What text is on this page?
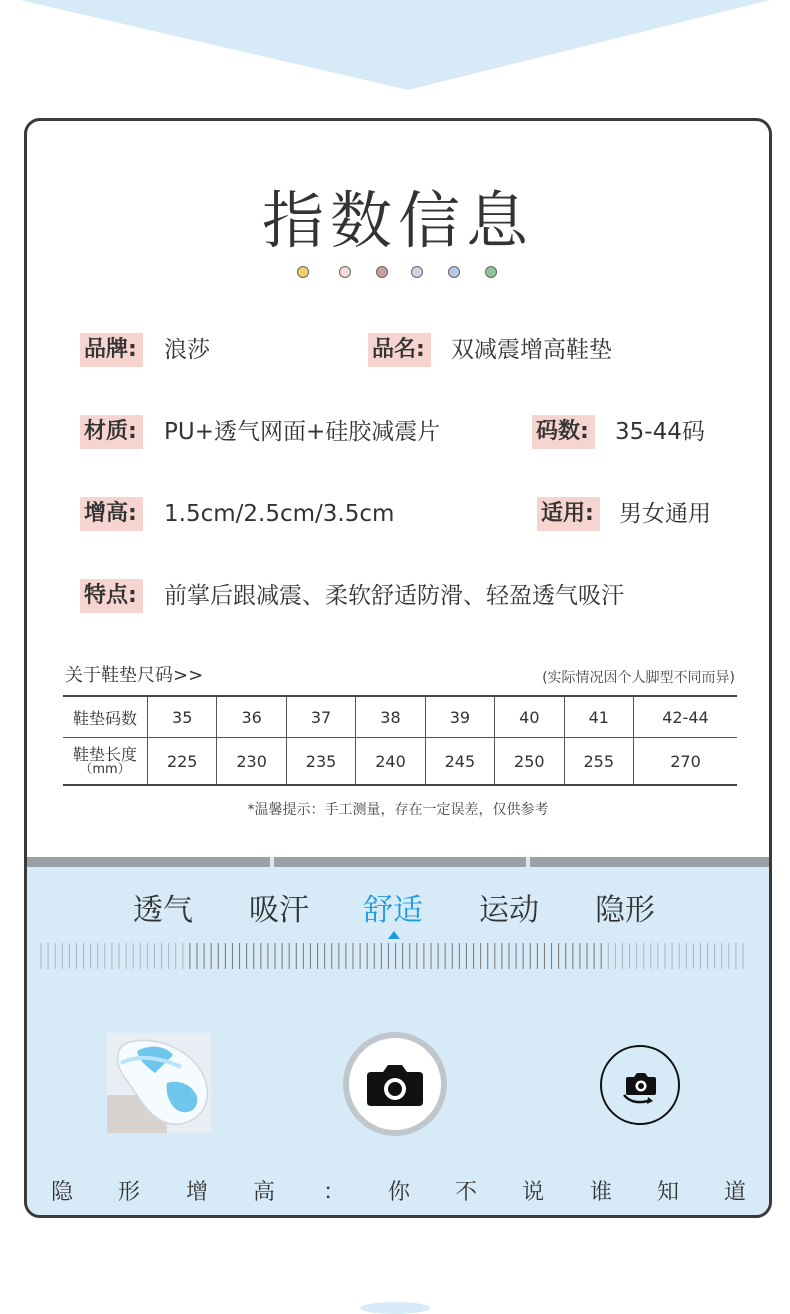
指数信息
品牌: 浪莎	品名: 双减震增高鞋垫
材质: PU+透气网面+硅胶减震片	码数: 35-44码
增高: 1.5cm/2.5cm/3.5cm	适用: 男女通用
特点: 前掌后跟减震、柔软舒适防滑、轻盈透气吸汗
关于鞋垫尺码>>	(实际情况因个人脚型不同而异)
鞋垫码数	35	36	37	38	39	40	41	42-44
鞋垫长度
（mm）	225	230	235	240	245	250	255	270
*温馨提示：手工测量，存在一定误差，仅供参考
透气 吸汗 舒适 运动 隐形
隐 形 增 高 ： 你 不 说 谁 知 道
